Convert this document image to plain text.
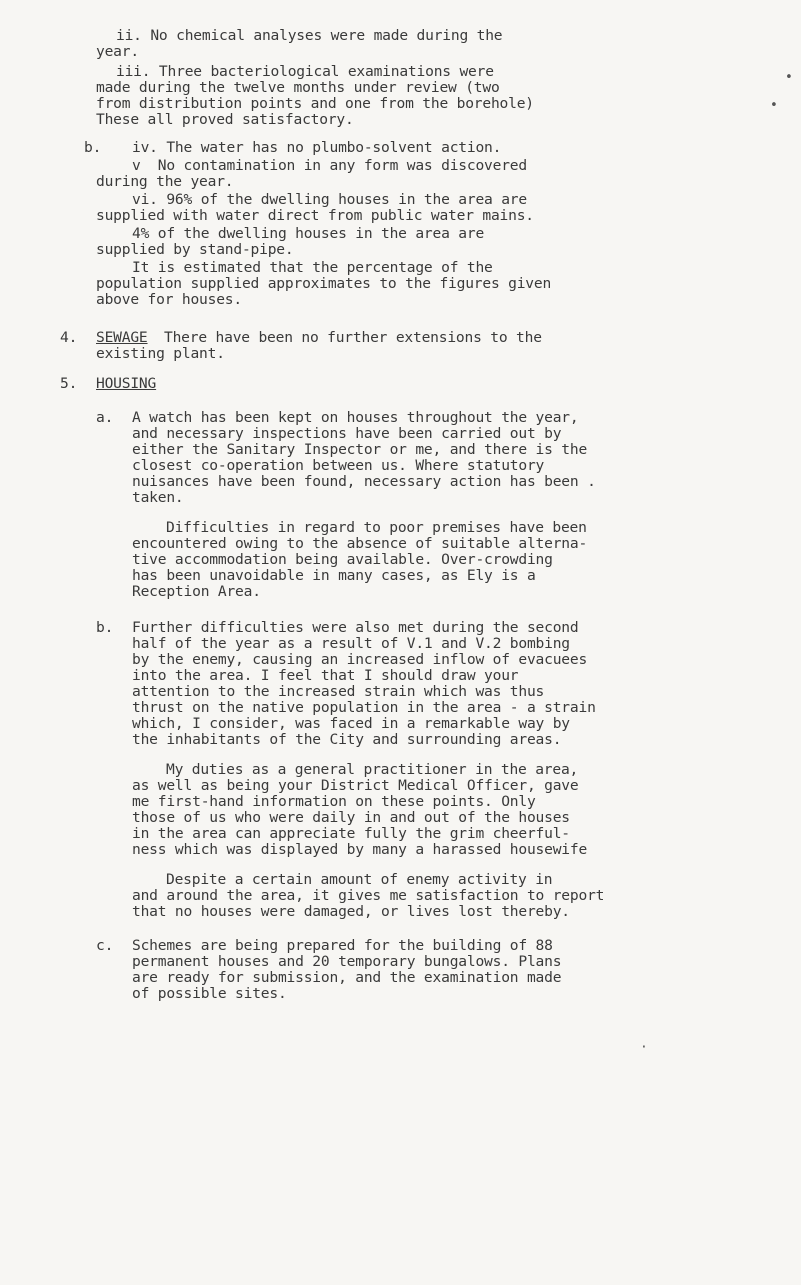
ii. No chemical analyses were made during the
year.
iii. Three bacteriological examinations were
made during the twelve months under review (two
from distribution points and one from the borehole)
These all proved satisfactory.
b. iv. The water has no plumbo-solvent action.
v  No contamination in any form was discovered
during the year.
vi. 96% of the dwelling houses in the area are
supplied with water direct from public water mains.
4% of the dwelling houses in the area are
supplied by stand-pipe.
It is estimated that the percentage of the
population supplied approximates to the figures given
above for houses.
4. SEWAGE There have been no further extensions to the
existing plant.
5. HOUSING
a. A watch has been kept on houses throughout the year,
and necessary inspections have been carried out by
either the Sanitary Inspector or me, and there is the
closest co-operation between us. Where statutory
nuisances have been found, necessary action has been .
taken.
Difficulties in regard to poor premises have been
encountered owing to the absence of suitable alterna-
tive accommodation being available. Over-crowding
has been unavoidable in many cases, as Ely is a
Reception Area.
b. Further difficulties were also met during the second
half of the year as a result of V.1 and V.2 bombing
by the enemy, causing an increased inflow of evacuees
into the area. I feel that I should draw your
attention to the increased strain which was thus
thrust on the native population in the area - a strain
which, I consider, was faced in a remarkable way by
the inhabitants of the City and surrounding areas.
My duties as a general practitioner in the area,
as well as being your District Medical Officer, gave
me first-hand information on these points. Only
those of us who were daily in and out of the houses
in the area can appreciate fully the grim cheerful-
ness which was displayed by many a harassed housewife
Despite a certain amount of enemy activity in
and around the area, it gives me satisfaction to report
that no houses were damaged, or lives lost thereby.
c. Schemes are being prepared for the building of 88
permanent houses and 20 temporary bungalows. Plans
are ready for submission, and the examination made
of possible sites.
•
•
·
